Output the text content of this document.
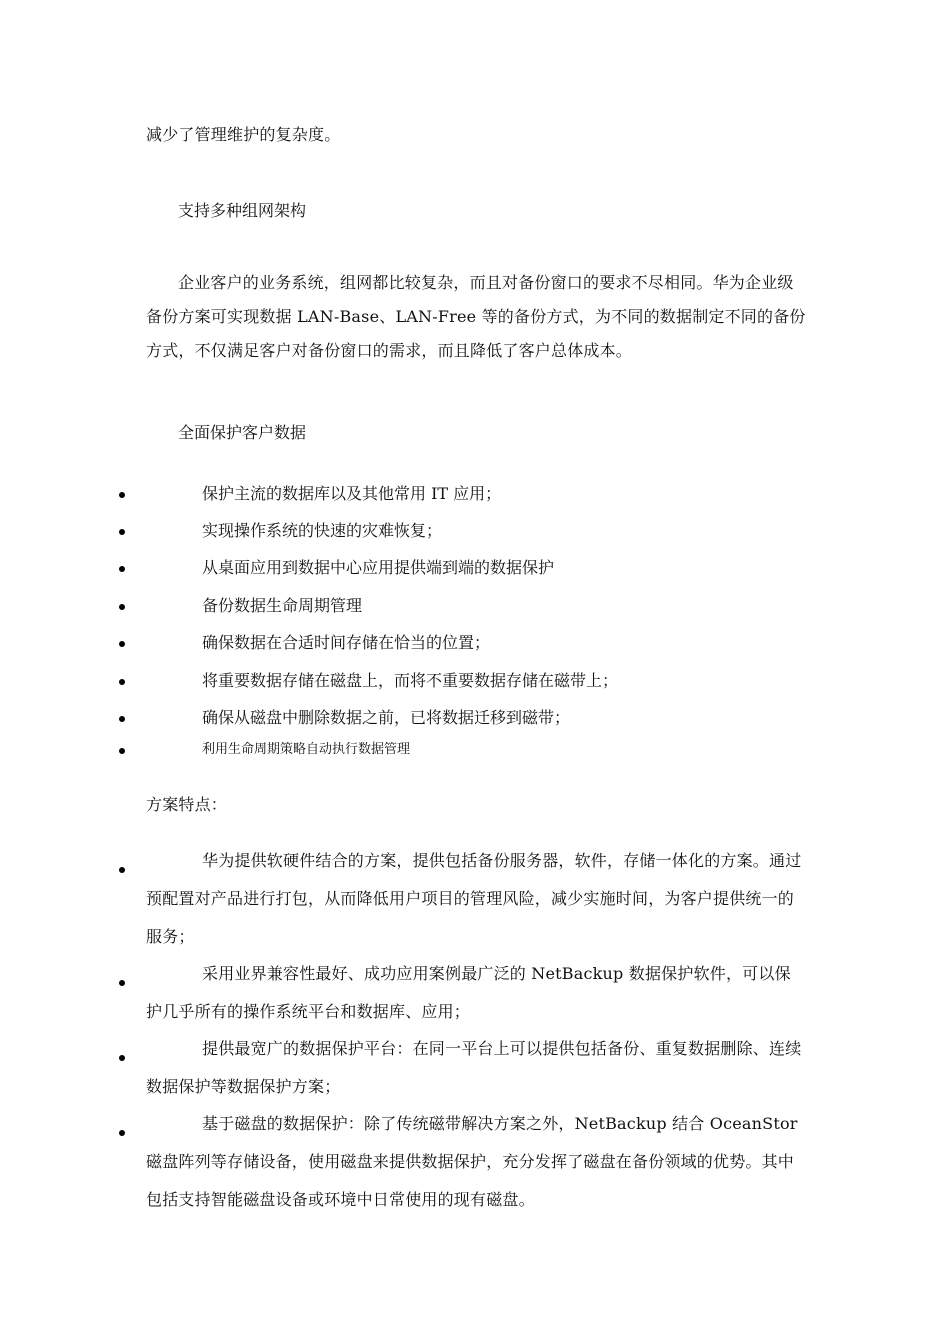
减少了管理维护的复杂度。

支持多种组网架构

企业客户的业务系统，组网都比较复杂，而且对备份窗口的要求不尽相同。华为企业级备份方案可实现数据 LAN-Base、LAN-Free 等的备份方式，为不同的数据制定不同的备份方式，不仅满足客户对备份窗口的需求，而且降低了客户总体成本。

全面保护客户数据

保护主流的数据库以及其他常用 IT 应用；
实现操作系统的快速的灾难恢复；
从桌面应用到数据中心应用提供端到端的数据保护
备份数据生命周期管理
确保数据在合适时间存储在恰当的位置；
将重要数据存储在磁盘上，而将不重要数据存储在磁带上；
确保从磁盘中删除数据之前，已将数据迁移到磁带；
利用生命周期策略自动执行数据管理

方案特点：

华为提供软硬件结合的方案，提供包括备份服务器，软件，存储一体化的方案。通过预配置对产品进行打包，从而降低用户项目的管理风险，减少实施时间，为客户提供统一的服务；

采用业界兼容性最好、成功应用案例最广泛的 NetBackup 数据保护软件，可以保护几乎所有的操作系统平台和数据库、应用；

提供最宽广的数据保护平台：在同一平台上可以提供包括备份、重复数据删除、连续数据保护等数据保护方案；

基于磁盘的数据保护：除了传统磁带解决方案之外，NetBackup 结合 OceanStor 磁盘阵列等存储设备，使用磁盘来提供数据保护，充分发挥了磁盘在备份领域的优势。其中包括支持智能磁盘设备或环境中日常使用的现有磁盘。
